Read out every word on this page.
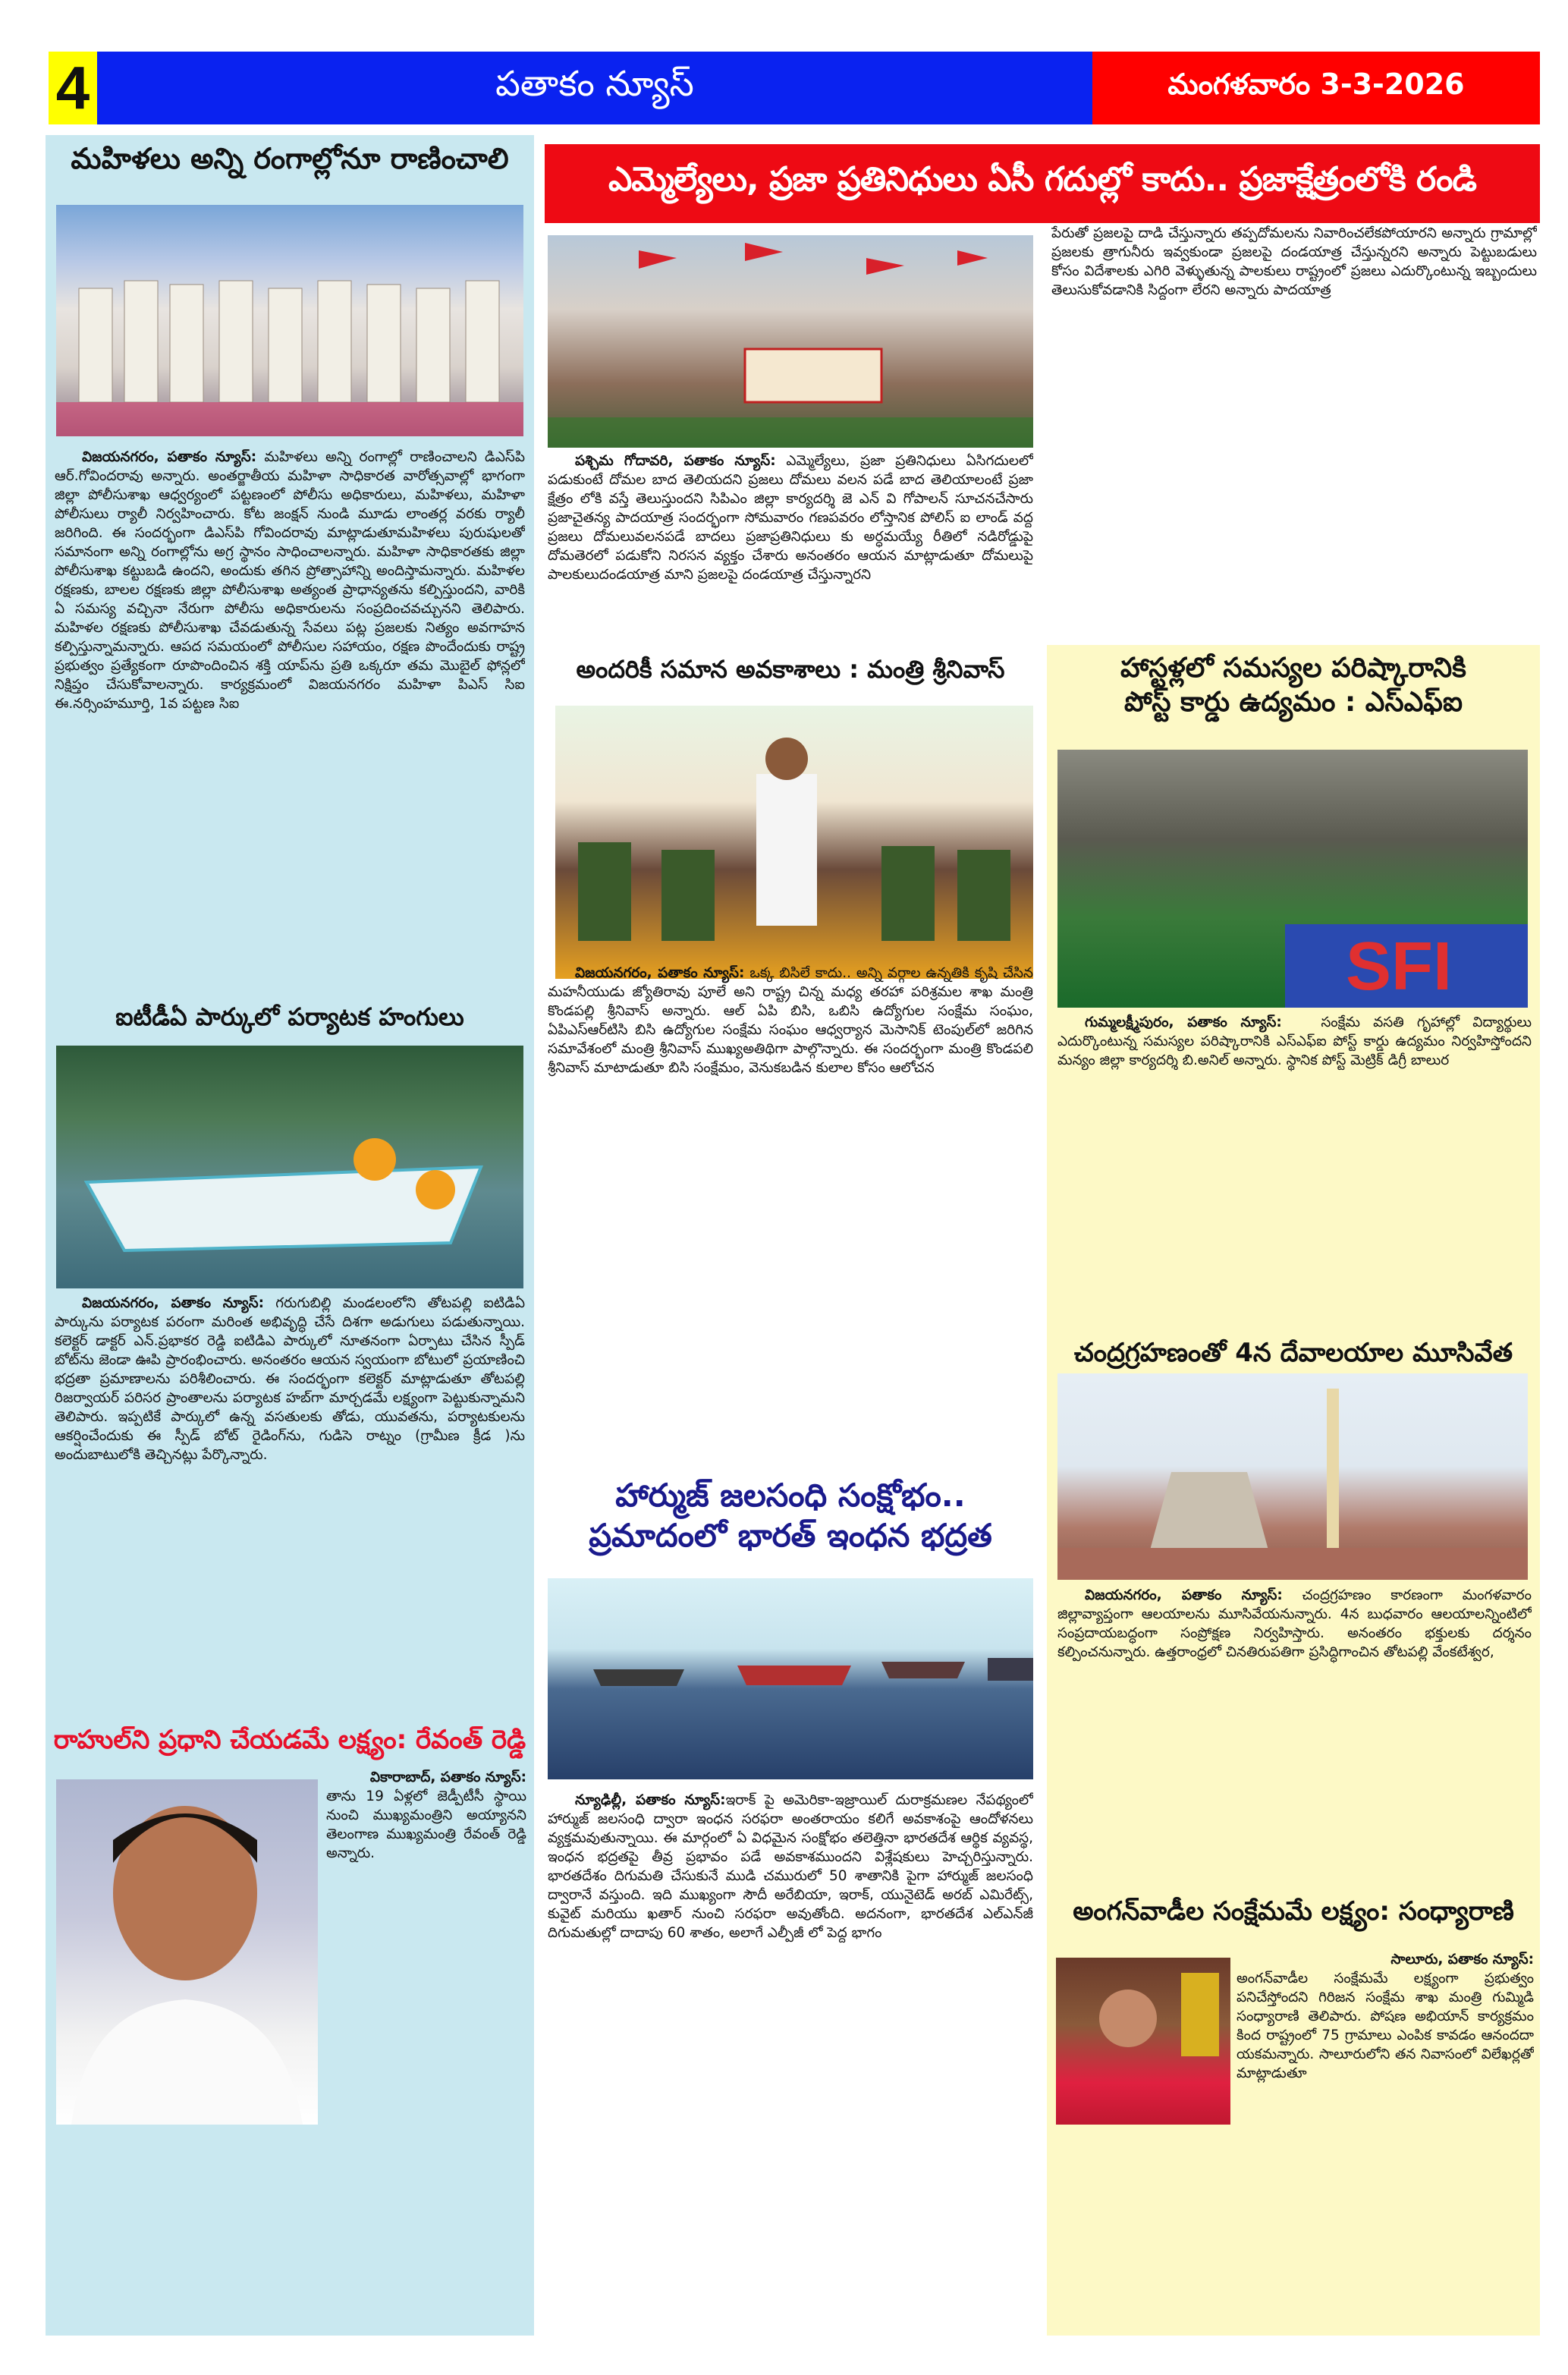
4	పతాకం న్యూస్	మంగళవారం 3-3-2026
ఎమ్మెల్యేలు, ప్రజా ప్రతినిధులు ఏసీ గదుల్లో కాదు.. ప్రజాక్షేత్రంలోకి రండి
మహిళలు అన్ని రంగాల్లోనూ రాణించాలి

విజయనగరం, పతాకం న్యూస్: మహిళలు అన్ని రంగాల్లో రాణించాలని డిఎస్‌పి ఆర్.గోవిందరావు అన్నారు. అంతర్జాతీయ మహిళా సాధికారత వారోత్సవాల్లో భాగంగా జిల్లా పోలీసుశాఖ ఆధ్వర్యంలో పట్టణంలో పోలీసు అధికారులు, మహిళలు, మహిళా పోలీసులు ర్యాలీ నిర్వహించారు. కోట జంక్షన్ నుండి మూడు లాంతర్ల వరకు ర్యాలీ జరిగింది. ఈ సందర్భంగా డిఎస్‌పి గోవిందరావు మాట్లాడుతూమహిళలు పురుషులతో సమానంగా అన్ని రంగాల్లోను అగ్ర స్థానం సాధించాలన్నారు. మహిళా సాధికారతకు జిల్లా పోలీసుశాఖ కట్టుబడి ఉందని, అందుకు తగిన ప్రోత్సాహాన్ని అందిస్తామన్నారు. మహిళల రక్షణకు, బాలల రక్షణకు జిల్లా పోలీసుశాఖ అత్యంత ప్రాధాన్యతను కల్పిస్తుందని, వారికి ఏ సమస్య వచ్చినా నేరుగా పోలీసు అధికారులను సంప్రదించవచ్చునని తెలిపారు. మహిళల రక్షణకు పోలీసుశాఖ చేవడుతున్న సేవలు పట్ల ప్రజలకు నిత్యం అవగాహన కల్పిస్తున్నామన్నారు. ఆపద సమయంలో పోలీసుల సహాయం, రక్షణ పొందేందుకు రాష్ట్ర ప్రభుత్వం ప్రత్యేకంగా రూపొందించిన శక్తి యాప్‌ను ప్రతి ఒక్కరూ తమ మొబైల్ ఫోన్లలో నిక్షిప్తం చేసుకోవాలన్నారు. కార్యక్రమంలో విజయనగరం మహిళా పిఎస్ సిఐ ఈ.నర్సింహమూర్తి, 1వ పట్టణ సిఐ

ఐటీడీఏ పార్కులో పర్యాటక హంగులు

విజయనగరం, పతాకం న్యూస్: గరుగుబిల్లి మండలంలోని తోటపల్లి ఐటిడిఏ పార్కును పర్యాటక పరంగా మరింత అభివృద్ధి చేసే దిశగా అడుగులు పడుతున్నాయి. కలెక్టర్ డాక్టర్ ఎన్.ప్రభాకర రెడ్డి ఐటిడిఎ పార్కులో నూతనంగా ఏర్పాటు చేసిన స్పీడ్ బోట్‌ను జెండా ఊపి ప్రారంభించారు. అనంతరం ఆయన స్వయంగా బోటులో ప్రయాణించి భద్రతా ప్రమాణాలను పరిశీలించారు. ఈ సందర్భంగా కలెక్టర్ మాట్లాడుతూ తోటపల్లి రిజర్వాయర్ పరిసర ప్రాంతాలను పర్యాటక హబ్‌గా మార్చడమే లక్ష్యంగా పెట్టుకున్నామని తెలిపారు. ఇప్పటికే పార్కులో ఉన్న వసతులకు తోడు, యువతను, పర్యాటకులను ఆకర్షించేందుకు ఈ స్పీడ్ బోట్ రైడింగ్‌ను, గుడిసె రాట్నం (గ్రామీణ క్రీడ )ను అందుబాటులోకి తెచ్చినట్లు పేర్కొన్నారు.

రాహుల్‌ని ప్రధాని చేయడమే లక్ష్యం: రేవంత్ రెడ్డి
వికారాబాద్, పతాకం న్యూస్:
తాను 19 ఏళ్లలో జెడ్పీటీసీ స్థాయి నుంచి ముఖ్యమంత్రిని అయ్యానని తెలంగాణ ముఖ్యమంత్రి రేవంత్ రెడ్డి అన్నారు.

పశ్చిమ గోదావరి, పతాకం న్యూస్: ఎమ్మెల్యేలు, ప్రజా ప్రతినిధులు ఏసిగదులలో పడుకుంటే దోమల బాద తెలియదని ప్రజలు దోమలు వలన పడే బాద తెలియాలంటే ప్రజా క్షేత్రం లోకి వస్తే తెలుస్తుందని సిపిఎం జిల్లా కార్యదర్శి జె ఎన్ వి గోపాలన్ సూచనచేసారు ప్రజాచైతన్య పాదయాత్ర సందర్భంగా సోమవారం గణపవరం లోస్తానిక పోలిస్ ఐ లాండ్ వద్ద ప్రజలు దోమలువలనపడే బాదలు ప్రజాప్రతినిధులు కు అర్ధమయ్యే రీతిలో నడిరోడ్డుపై దోమతెరలో పడుకోని నిరసన వ్యక్తం చేశారు అనంతరం ఆయన మాట్లాడుతూ దోమలుపై పాలకులుదండయాత్ర మాని ప్రజలపై దండయాత్ర చేస్తున్నారని

అందరికీ సమాన అవకాశాలు : మంత్రి శ్రీనివాస్

విజయనగరం, పతాకం న్యూస్: ఒక్క బిసిలే కాదు.. అన్ని వర్గాల ఉన్నతికి కృషి చేసిన మహనీయుడు జ్యోతిరావు పూలే అని రాష్ట్ర చిన్న మధ్య తరహా పరిశ్రమల శాఖ మంత్రి కొండపల్లి శ్రీనివాస్ అన్నారు. ఆల్ ఏపి బిసి, ఒబిసి ఉద్యోగుల సంక్షేమ సంఘం, ఏపిఎస్ఆర్‌టిసి బిసి ఉద్యోగుల సంక్షేమ సంఘం ఆధ్వర్యాన మెసానిక్ టెంపుల్‌లో జరిగిన సమావేశంలో మంత్రి శ్రీనివాస్ ముఖ్యఅతిథిగా పాల్గొన్నారు. ఈ సందర్భంగా మంత్రి కొండపలి శ్రీనివాస్ మాటాడుతూ బిసి సంక్షేమం, వెనుకబడిన కులాల కోసం ఆలోచన

హార్ముజ్ జలసంధి సంక్షోభం..
ప్రమాదంలో భారత్ ఇంధన భద్రత

న్యూఢిల్లీ, పతాకం న్యూస్:ఇరాక్ పై అమెరికా-ఇజ్రాయిల్ దురాక్రమణల నేపథ్యంలో హార్ముజ్ జలసంధి ద్వారా ఇంధన సరఫరా అంతరాయం కలిగే అవకాశంపై ఆందోళనలు వ్యక్తమవుతున్నాయి. ఈ మార్గంలో ఏ విధమైన సంక్షోభం తలెత్తినా భారతదేశ ఆర్థిక వ్యవస్థ, ఇంధన భద్రతపై తీవ్ర ప్రభావం పడే అవకాశముందని విశ్లేషకులు హెచ్చరిస్తున్నారు. భారతదేశం దిగుమతి చేసుకునే ముడి చమురులో 50 శాతానికి పైగా హార్ముజ్ జలసంధి ద్వారానే వస్తుంది. ఇది ముఖ్యంగా సౌదీ అరేబియా, ఇరాక్, యునైటెడ్ అరబ్ ఎమిరేట్స్, కువైట్ మరియు ఖతార్ నుంచి సరఫరా అవుతోంది. అదనంగా, భారతదేశ ఎల్ఎన్‌జీ దిగుమతుల్లో దాదాపు 60 శాతం, అలాగే ఎల్పీజీ లో పెద్ద భాగం

పేరుతో ప్రజలపై దాడి చేస్తున్నారు తప్పదోమలను నివారించలేకపోయారని అన్నారు గ్రామాల్లో ప్రజలకు త్రాగునీరు ఇవ్వకుండా ప్రజలపై దండయాత్ర చేస్తున్నరని అన్నారు పెట్టుబడులు కోసం విదేశాలకు ఎగిరి వెళ్ళుతున్న పాలకులు రాష్ట్రంలో ప్రజలు ఎదుర్కొంటున్న ఇబ్బందులు తెలుసుకోవడానికి సిద్దంగా లేరని అన్నారు పాదయాత్ర
హాస్టళ్లలో సమస్యల పరిష్కారానికి
పోస్ట్ కార్డు ఉద్యమం : ఎస్ఎఫ్ఐ
SFI

గుమ్మలక్ష్మీపురం, పతాకం న్యూస్:	సంక్షేమ వసతి గృహాల్లో విద్యార్థులు ఎదుర్కొంటున్న సమస్యల పరిష్కారానికి ఎస్ఎఫ్ఐ పోస్ట్ కార్డు ఉద్యమం నిర్వహిస్తోందని మన్యం జిల్లా కార్యదర్శి బి.అనిల్ అన్నారు. స్థానిక పోస్ట్ మెట్రిక్ డిగ్రీ బాలుర

చంద్రగ్రహణంతో 4న దేవాలయాల మూసివేత

విజయనగరం, పతాకం న్యూస్: చంద్రగ్రహణం కారణంగా మంగళవారం జిల్లావ్యాప్తంగా ఆలయాలను మూసివేయనున్నారు. 4న బుధవారం ఆలయాలన్నింటిలో సంప్రదాయబద్ధంగా సంప్రోక్షణ నిర్వహిస్తారు. అనంతరం భక్తులకు దర్శనం కల్పించనున్నారు. ఉత్తరాంధ్రలో చినతిరుపతిగా ప్రసిద్ధిగాంచిన తోటపల్లి వేంకటేశ్వర,

అంగన్‌వాడీల సంక్షేమమే లక్ష్యం: సంధ్యారాణి
సాలూరు, పతాకం న్యూస్:
అంగన్‌వాడీల సంక్షేమమే లక్ష్యంగా ప్రభుత్వం పనిచేస్తోందని గిరిజన సంక్షేమ శాఖ మంత్రి గుమ్మిడి సంధ్యారాణి తెలిపారు. పోషణ అభియాన్ కార్యక్రమం కింద రాష్ట్రంలో 75 గ్రామాలు ఎంపిక కావడం ఆనందదా యకమన్నారు. సాలూరులోని తన నివాసంలో విలేఖర్లతో మాట్లాడుతూ
